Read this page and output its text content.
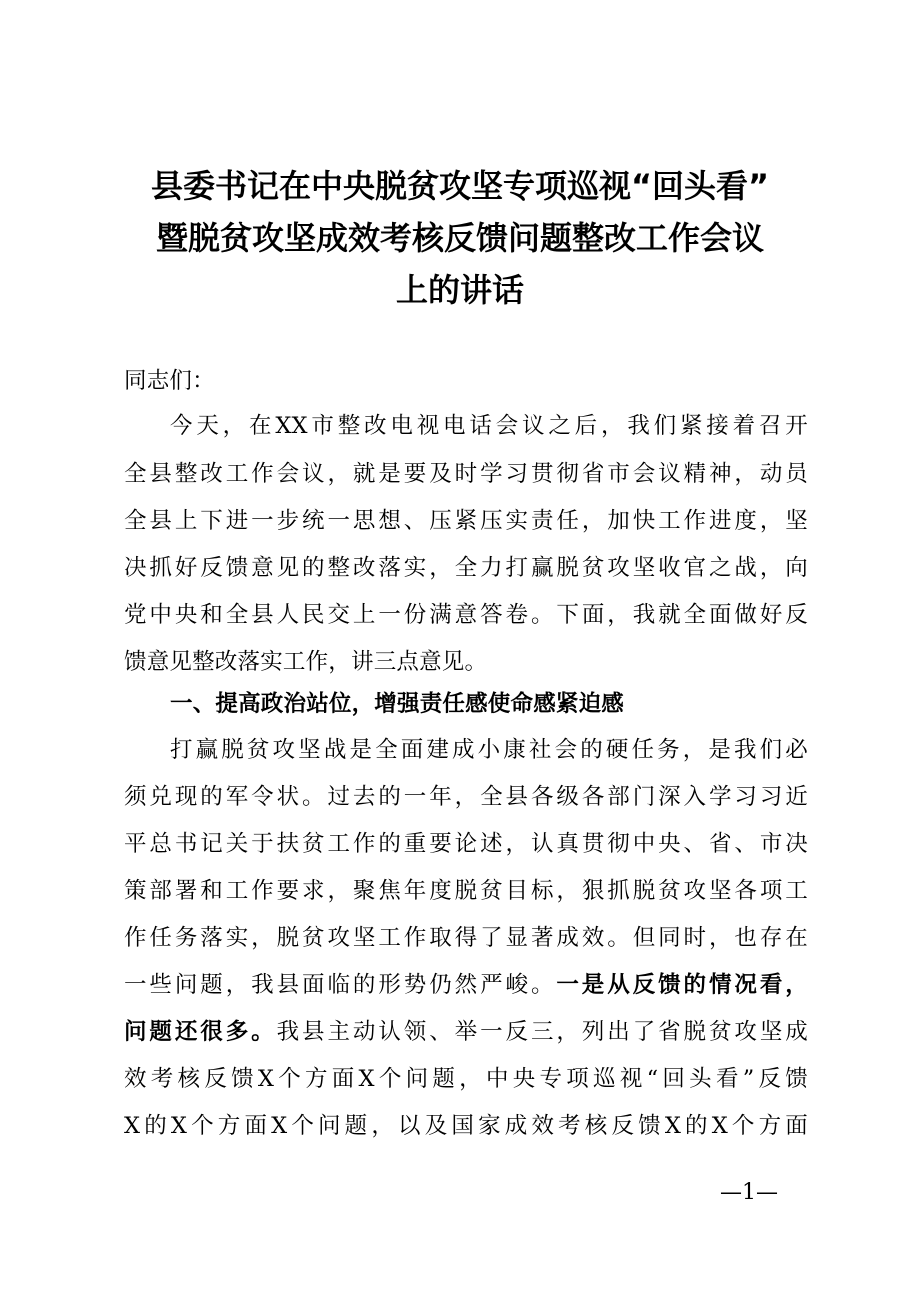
县委书记在中央脱贫攻坚专项巡视“回头看”
暨脱贫攻坚成效考核反馈问题整改工作会议
上的讲话
同志们：
今天，在XX市整改电视电话会议之后，我们紧接着召开
全县整改工作会议，就是要及时学习贯彻省市会议精神，动员
全县上下进一步统一思想、压紧压实责任，加快工作进度，坚
决抓好反馈意见的整改落实，全力打赢脱贫攻坚收官之战，向
党中央和全县人民交上一份满意答卷。下面，我就全面做好反
馈意见整改落实工作，讲三点意见。
一、提高政治站位，增强责任感使命感紧迫感
打赢脱贫攻坚战是全面建成小康社会的硬任务，是我们必
须兑现的军令状。过去的一年，全县各级各部门深入学习习近
平总书记关于扶贫工作的重要论述，认真贯彻中央、省、市决
策部署和工作要求，聚焦年度脱贫目标，狠抓脱贫攻坚各项工
作任务落实，脱贫攻坚工作取得了显著成效。但同时，也存在
一些问题，我县面临的形势仍然严峻。一是从反馈的情况看，
问题还很多。我县主动认领、举一反三，列出了省脱贫攻坚成
效考核反馈X个方面X个问题，中央专项巡视“回头看”反馈
X的X个方面X个问题，以及国家成效考核反馈X的X个方面
—1—
